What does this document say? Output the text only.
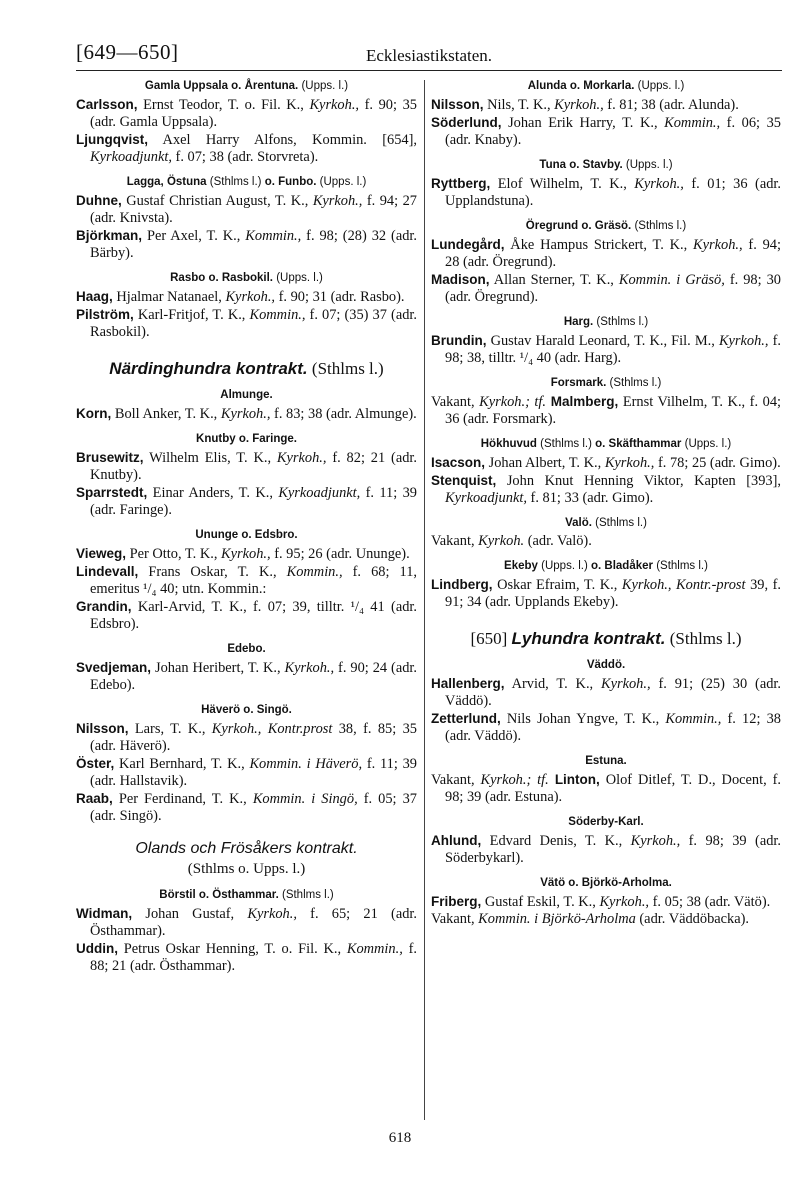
[649—650]	Ecklesiastikstaten.
Gamla Uppsala o. Årentuna. (Upps. l.)

Carlsson, Ernst Teodor, T. o. Fil. K., Kyrkoh., f. 90; 35 (adr. Gamla Uppsala).

Ljungqvist, Axel Harry Alfons, Kommin. [654], Kyrkoadjunkt, f. 07; 38 (adr. Storvreta).

Lagga, Östuna (Sthlms l.) o. Funbo. (Upps. l.)

Duhne, Gustaf Christian August, T. K., Kyrkoh., f. 94; 27 (adr. Knivsta).

Björkman, Per Axel, T. K., Kommin., f. 98; (28) 32 (adr. Bärby).

Rasbo o. Rasbokil. (Upps. l.)

Haag, Hjalmar Natanael, Kyrkoh., f. 90; 31 (adr. Rasbo).

Pilström, Karl-Fritjof, T. K., Kommin., f. 07; (35) 37 (adr. Rasbokil).

Närdinghundra kontrakt. (Sthlms l.)
Almunge.

Korn, Boll Anker, T. K., Kyrkoh., f. 83; 38 (adr. Almunge).

Knutby o. Faringe.

Brusewitz, Wilhelm Elis, T. K., Kyrkoh., f. 82; 21 (adr. Knutby).

Sparrstedt, Einar Anders, T. K., Kyrkoadjunkt, f. 11; 39 (adr. Faringe).

Ununge o. Edsbro.

Vieweg, Per Otto, T. K., Kyrkoh., f. 95; 26 (adr. Ununge).

Lindevall, Frans Oskar, T. K., Kommin., f. 68; 11, emeritus ¹/₄ 40; utn. Kommin.:

Grandin, Karl-Arvid, T. K., f. 07; 39, tilltr. ¹/₄ 41 (adr. Edsbro).

Edebo.

Svedjeman, Johan Heribert, T. K., Kyrkoh., f. 90; 24 (adr. Edebo).

Häverö o. Singö.

Nilsson, Lars, T. K., Kyrkoh., Kontr.prost 38, f. 85; 35 (adr. Häverö).

Öster, Karl Bernhard, T. K., Kommin. i Häverö, f. 11; 39 (adr. Hallstavik).

Raab, Per Ferdinand, T. K., Kommin. i Singö, f. 05; 37 (adr. Singö).

Olands och Frösåkers kontrakt.
(Sthlms o. Upps. l.)
Börstil o. Östhammar. (Sthlms l.)

Widman, Johan Gustaf, Kyrkoh., f. 65; 21 (adr. Östhammar).

Uddin, Petrus Oskar Henning, T. o. Fil. K., Kommin., f. 88; 21 (adr. Östhammar).

Alunda o. Morkarla. (Upps. l.)

Nilsson, Nils, T. K., Kyrkoh., f. 81; 38 (adr. Alunda).

Söderlund, Johan Erik Harry, T. K., Kommin., f. 06; 35 (adr. Knaby).

Tuna o. Stavby. (Upps. l.)

Ryttberg, Elof Wilhelm, T. K., Kyrkoh., f. 01; 36 (adr. Upplandstuna).

Öregrund o. Gräsö. (Sthlms l.)

Lundegård, Åke Hampus Strickert, T. K., Kyrkoh., f. 94; 28 (adr. Öregrund).

Madison, Allan Sterner, T. K., Kommin. i Gräsö, f. 98; 30 (adr. Öregrund).

Harg. (Sthlms l.)

Brundin, Gustav Harald Leonard, T. K., Fil. M., Kyrkoh., f. 98; 38, tilltr. ¹/₄ 40 (adr. Harg).

Forsmark. (Sthlms l.)

Vakant, Kyrkoh.; tf. Malmberg, Ernst Vilhelm, T. K., f. 04; 36 (adr. Forsmark).

Hökhuvud (Sthlms l.) o. Skäfthammar (Upps. l.)

Isacson, Johan Albert, T. K., Kyrkoh., f. 78; 25 (adr. Gimo).

Stenquist, John Knut Henning Viktor, Kapten [393], Kyrkoadjunkt, f. 81; 33 (adr. Gimo).

Valö. (Sthlms l.)

Vakant, Kyrkoh. (adr. Valö).

Ekeby (Upps. l.) o. Bladåker (Sthlms l.)

Lindberg, Oskar Efraim, T. K., Kyrkoh., Kontr.-prost 39, f. 91; 34 (adr. Upplands Ekeby).

[650] Lyhundra kontrakt. (Sthlms l.)
Väddö.

Hallenberg, Arvid, T. K., Kyrkoh., f. 91; (25) 30 (adr. Väddö).

Zetterlund, Nils Johan Yngve, T. K., Kommin., f. 12; 38 (adr. Väddö).

Estuna.

Vakant, Kyrkoh.; tf. Linton, Olof Ditlef, T. D., Docent, f. 98; 39 (adr. Estuna).

Söderby-Karl.

Ahlund, Edvard Denis, T. K., Kyrkoh., f. 98; 39 (adr. Söderbykarl).

Vätö o. Björkö-Arholma.

Friberg, Gustaf Eskil, T. K., Kyrkoh., f. 05; 38 (adr. Vätö).

Vakant, Kommin. i Björkö-Arholma (adr. Väddöbacka).

618
